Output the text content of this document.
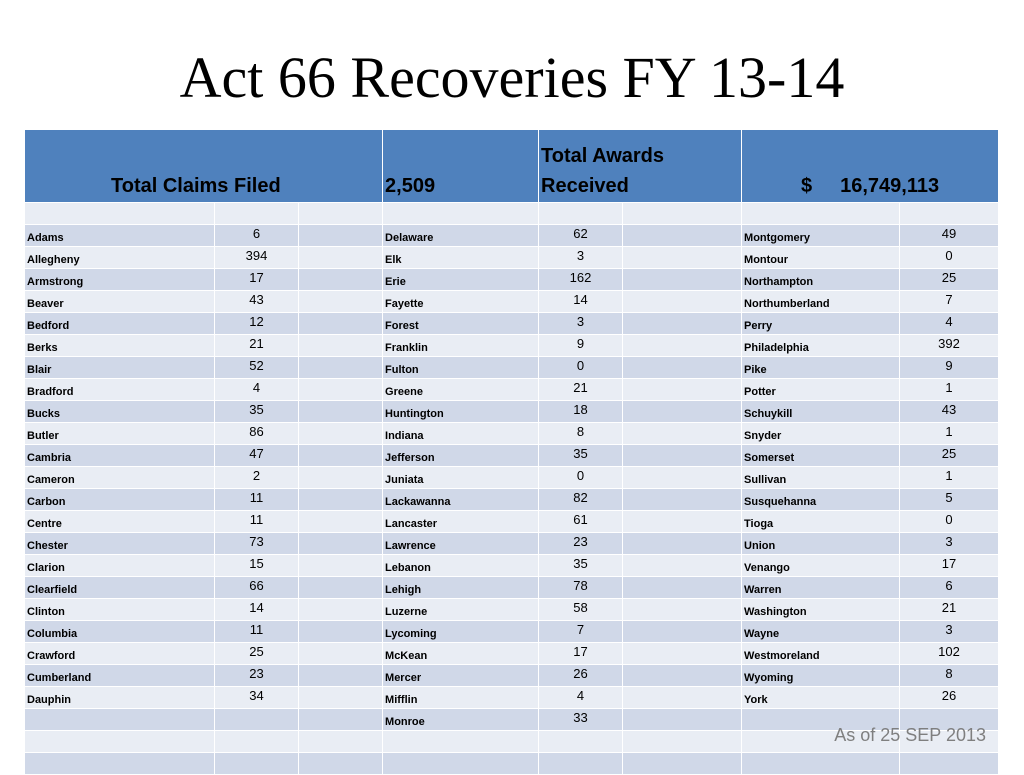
Act 66 Recoveries FY 13-14
Total Claims Filed			2,509	Total Awards
Received		$ 16,749,113	

Adams	6		Delaware	62		Montgomery	49
Allegheny	394		Elk	3		Montour	0
Armstrong	17		Erie	162		Northampton	25
Beaver	43		Fayette	14		Northumberland	7
Bedford	12		Forest	3		Perry	4
Berks	21		Franklin	9		Philadelphia	392
Blair	52		Fulton	0		Pike	9
Bradford	4		Greene	21		Potter	1
Bucks	35		Huntington	18		Schuykill	43
Butler	86		Indiana	8		Snyder	1
Cambria	47		Jefferson	35		Somerset	25
Cameron	2		Juniata	0		Sullivan	1
Carbon	11		Lackawanna	82		Susquehanna	5
Centre	11		Lancaster	61		Tioga	0
Chester	73		Lawrence	23		Union	3
Clarion	15		Lebanon	35		Venango	17
Clearfield	66		Lehigh	78		Warren	6
Clinton	14		Luzerne	58		Washington	21
Columbia	11		Lycoming	7		Wayne	3
Crawford	25		McKean	17		Westmoreland	102
Cumberland	23		Mercer	26		Wyoming	8
Dauphin	34		Mifflin	4		York	26
			Monroe	33			

As of 25 SEP 2013
